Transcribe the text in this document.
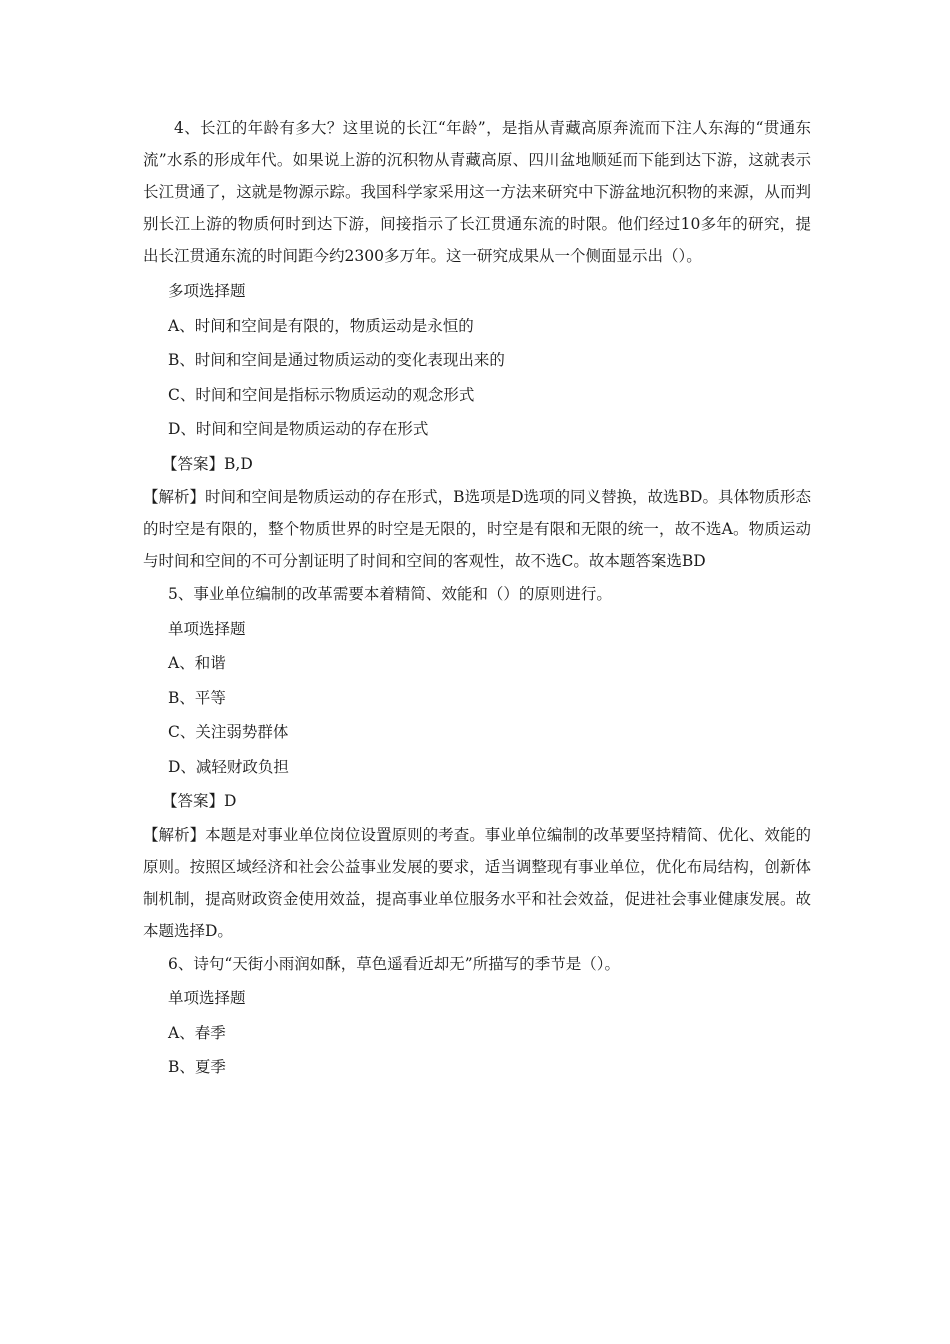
4、长江的年龄有多大？这里说的长江“年龄”，是指从青藏高原奔流而下注人东海的“贯通东流”水系的形成年代。如果说上游的沉积物从青藏高原、四川盆地顺延而下能到达下游，这就表示长江贯通了，这就是物源示踪。我国科学家采用这一方法来研究中下游盆地沉积物的来源，从而判别长江上游的物质何时到达下游，间接指示了长江贯通东流的时限。他们经过10多年的研究，提出长江贯通东流的时间距今约2300多万年。这一研究成果从一个侧面显示出（）。

多项选择题

A、时间和空间是有限的，物质运动是永恒的

B、时间和空间是通过物质运动的变化表现出来的

C、时间和空间是指标示物质运动的观念形式

D、时间和空间是物质运动的存在形式

【答案】B,D

【解析】时间和空间是物质运动的存在形式，B选项是D选项的同义替换，故选BD。具体物质形态的时空是有限的，整个物质世界的时空是无限的，时空是有限和无限的统一，故不选A。物质运动与时间和空间的不可分割证明了时间和空间的客观性，故不选C。故本题答案选BD

5、事业单位编制的改革需要本着精简、效能和（）的原则进行。

单项选择题

A、和谐

B、平等

C、关注弱势群体

D、减轻财政负担

【答案】D

【解析】本题是对事业单位岗位设置原则的考查。事业单位编制的改革要坚持精简、优化、效能的原则。按照区域经济和社会公益事业发展的要求，适当调整现有事业单位，优化布局结构，创新体制机制，提高财政资金使用效益，提高事业单位服务水平和社会效益，促进社会事业健康发展。故本题选择D。

6、诗句“天街小雨润如酥，草色遥看近却无”所描写的季节是（）。

单项选择题

A、春季

B、夏季
